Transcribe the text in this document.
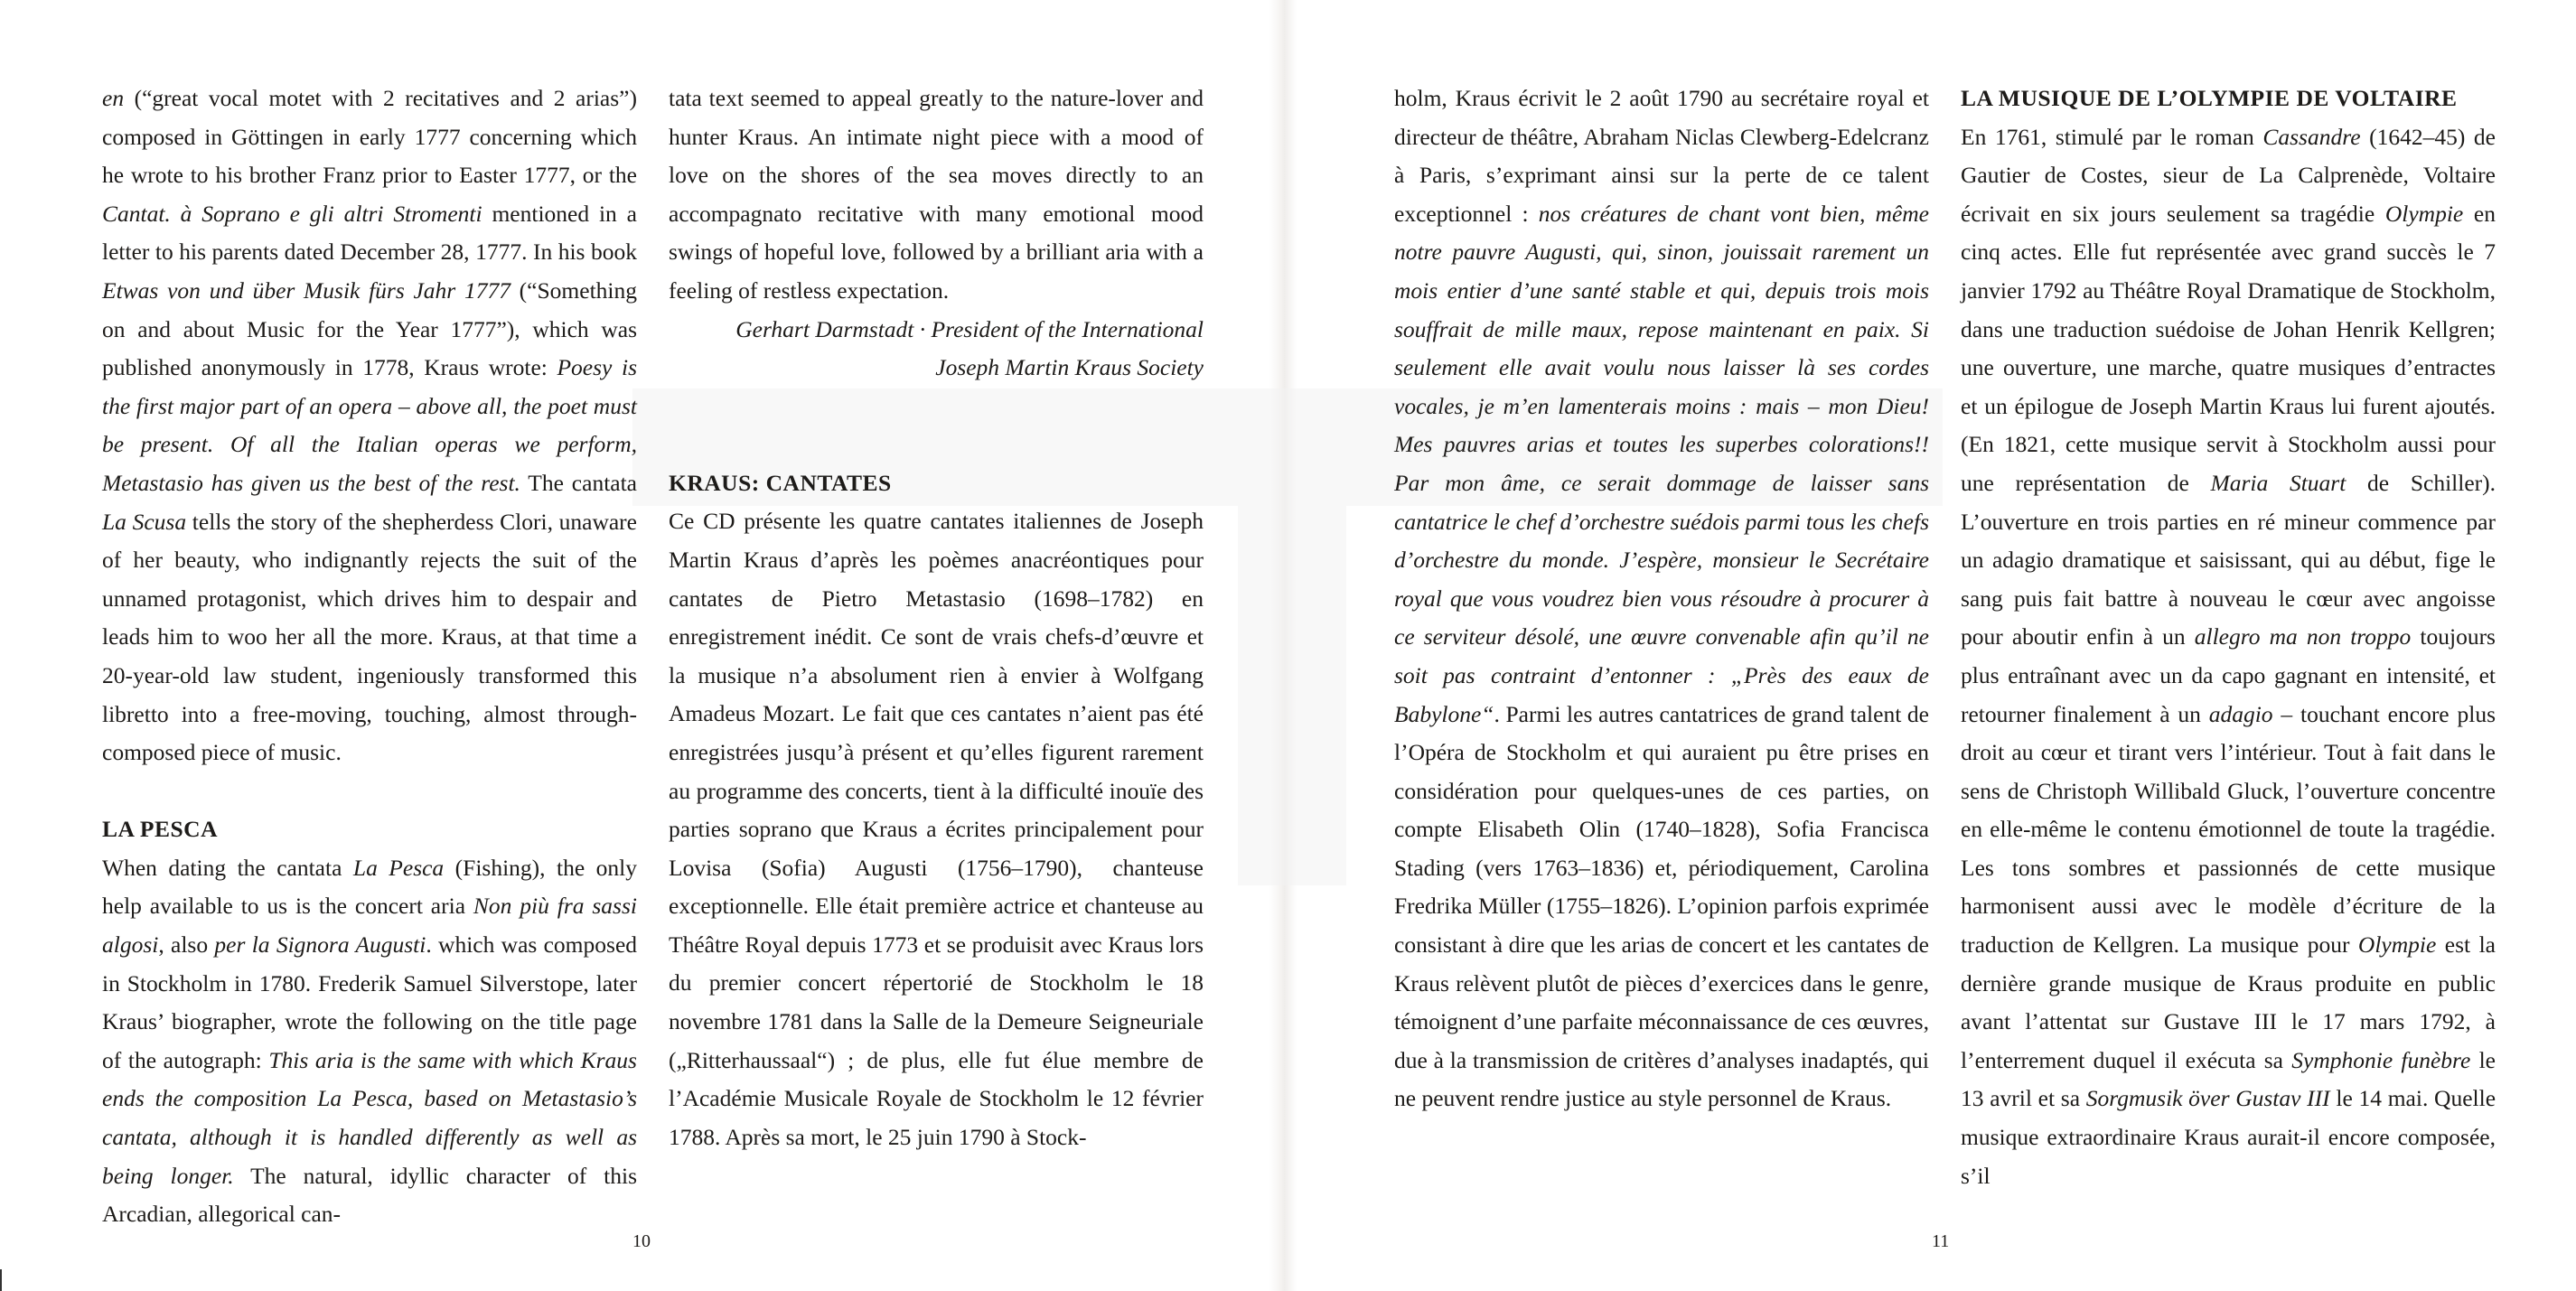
en (“great vocal motet with 2 recitatives and 2 arias”) composed in Göttingen in early 1777 concerning which he wrote to his brother Franz prior to Easter 1777, or the Cantat. à Soprano e gli altri Stromenti mentioned in a letter to his parents dated December 28, 1777. In his book Etwas von und über Musik fürs Jahr 1777 (“Something on and about Music for the Year 1777”), which was published anonymously in 1778, Kraus wrote: Poesy is the first major part of an opera – above all, the poet must be present. Of all the Italian operas we perform, Metastasio has given us the best of the rest. The cantata La Scusa tells the story of the shepherdess Clori, unaware of her beauty, who indignantly rejects the suit of the unnamed protagonist, which drives him to despair and leads him to woo her all the more. Kraus, at that time a 20-year-old law student, ingeniously transformed this libretto into a free-moving, touching, almost through-composed piece of music.

LA PESCA

When dating the cantata La Pesca (Fishing), the only help available to us is the concert aria Non più fra sassi algosi, also per la Signora Augusti. which was composed in Stockholm in 1780. Frederik Samuel Silverstope, later Kraus’ biographer, wrote the following on the title page of the autograph: This aria is the same with which Kraus ends the composition La Pesca, based on Metastasio’s cantata, although it is handled differently as well as being longer. The natural, idyllic character of this Arcadian, allegorical can-

tata text seemed to appeal greatly to the nature-lover and hunter Kraus. An intimate night piece with a mood of love on the shores of the sea moves directly to an accompagnato recitative with many emotional mood swings of hopeful love, followed by a brilliant aria with a feeling of restless expectation.

Gerhart Darmstadt · President of the International

Joseph Martin Kraus Society

KRAUS: CANTATES

Ce CD présente les quatre cantates italiennes de Joseph Martin Kraus d’après les poèmes anacréontiques pour cantates de Pietro Metastasio (1698–1782) en enregistrement inédit. Ce sont de vrais chefs-d’œuvre et la musique n’a absolument rien à envier à Wolfgang Amadeus Mozart. Le fait que ces cantates n’aient pas été enregistrées jusqu’à présent et qu’elles figurent rarement au programme des concerts, tient à la difficulté inouïe des parties soprano que Kraus a écrites principalement pour Lovisa (Sofia) Augusti (1756–1790), chanteuse exceptionnelle. Elle était première actrice et chanteuse au Théâtre Royal depuis 1773 et se produisit avec Kraus lors du premier concert répertorié de Stockholm le 18 novembre 1781 dans la Salle de la Demeure Seigneuriale („Ritterhaussaal“) ; de plus, elle fut élue membre de l’Académie Musicale Royale de Stockholm le 12 février 1788. Après sa mort, le 25 juin 1790 à Stock-

holm, Kraus écrivit le 2 août 1790 au secrétaire royal et directeur de théâtre, Abraham Niclas Clewberg-Edelcranz à Paris, s’exprimant ainsi sur la perte de ce talent exceptionnel : nos créatures de chant vont bien, même notre pauvre Augusti, qui, sinon, jouissait rarement un mois entier d’une santé stable et qui, depuis trois mois souffrait de mille maux, repose maintenant en paix. Si seulement elle avait voulu nous laisser là ses cordes vocales, je m’en lamenterais moins : mais – mon Dieu! Mes pauvres arias et toutes les superbes colorations!! Par mon âme, ce serait dommage de laisser sans cantatrice le chef d’orchestre suédois parmi tous les chefs d’orchestre du monde. J’espère, monsieur le Secrétaire royal que vous voudrez bien vous résoudre à procurer à ce serviteur désolé, une œuvre convenable afin qu’il ne soit pas contraint d’entonner : „Près des eaux de Babylone“. Parmi les autres cantatrices de grand talent de l’Opéra de Stockholm et qui auraient pu être prises en considération pour quelques-unes de ces parties, on compte Elisabeth Olin (1740–1828), Sofia Francisca Stading (vers 1763–1836) et, périodiquement, Carolina Fredrika Müller (1755–1826). L’opinion parfois exprimée consistant à dire que les arias de concert et les cantates de Kraus relèvent plutôt de pièces d’exercices dans le genre, témoignent d’une parfaite méconnaissance de ces œuvres, due à la transmission de critères d’analyses inadaptés, qui ne peuvent rendre justice au style personnel de Kraus.

LA MUSIQUE DE L’OLYMPIE DE VOLTAIRE

En 1761, stimulé par le roman Cassandre (1642–45) de Gautier de Costes, sieur de La Calprenède, Voltaire écrivait en six jours seulement sa tragédie Olympie en cinq actes. Elle fut représentée avec grand succès le 7 janvier 1792 au Théâtre Royal Dramatique de Stockholm, dans une traduction suédoise de Johan Henrik Kellgren; une ouverture, une marche, quatre musiques d’entractes et un épilogue de Joseph Martin Kraus lui furent ajoutés. (En 1821, cette musique servit à Stockholm aussi pour une représentation de Maria Stuart de Schiller). L’ouverture en trois parties en ré mineur commence par un adagio dramatique et saisissant, qui au début, fige le sang puis fait battre à nouveau le cœur avec angoisse pour aboutir enfin à un allegro ma non troppo toujours plus entraînant avec un da capo gagnant en intensité, et retourner finalement à un adagio – touchant encore plus droit au cœur et tirant vers l’intérieur. Tout à fait dans le sens de Christoph Willibald Gluck, l’ouverture concentre en elle-même le contenu émotionnel de toute la tragédie. Les tons sombres et passionnés de cette musique harmonisent aussi avec le modèle d’écriture de la traduction de Kellgren. La musique pour Olympie est la dernière grande musique de Kraus produite en public avant l’attentat sur Gustave III le 17 mars 1792, à l’enterrement duquel il exécuta sa Symphonie funèbre le 13 avril et sa Sorgmusik över Gustav III le 14 mai. Quelle musique extraordinaire Kraus aurait-il encore composée, s’il

10	11
